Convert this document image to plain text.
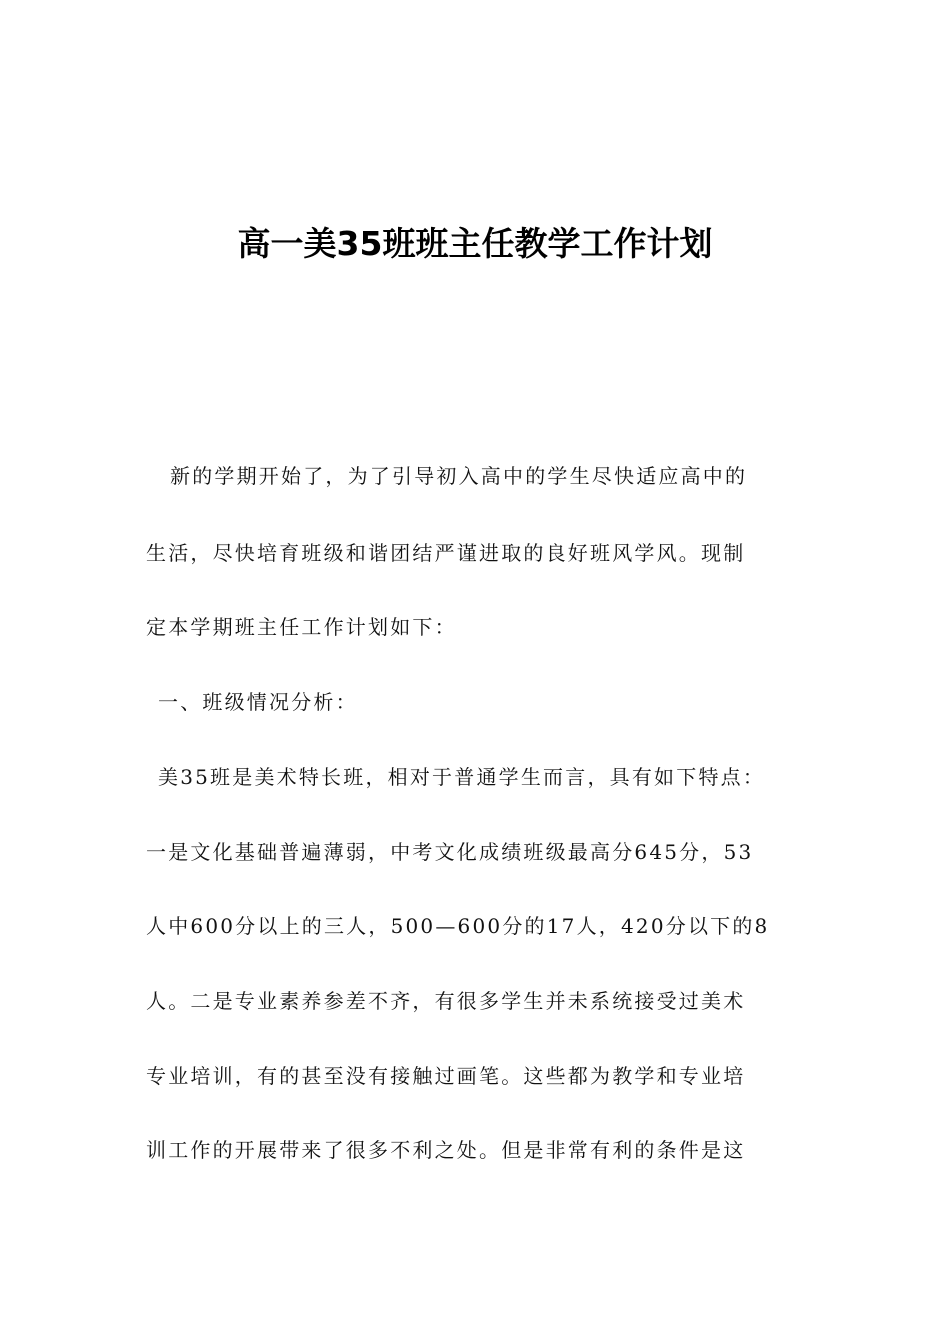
高一美35班班主任教学工作计划
新的学期开始了，为了引导初入高中的学生尽快适应高中的
生活，尽快培育班级和谐团结严谨进取的良好班风学风。现制
定本学期班主任工作计划如下：
一、班级情况分析：
美35班是美术特长班，相对于普通学生而言，具有如下特点：
一是文化基础普遍薄弱，中考文化成绩班级最高分645分，53
人中600分以上的三人，500—600分的17人，420分以下的8
人。二是专业素养参差不齐，有很多学生并未系统接受过美术
专业培训，有的甚至没有接触过画笔。这些都为教学和专业培
训工作的开展带来了很多不利之处。但是非常有利的条件是这
